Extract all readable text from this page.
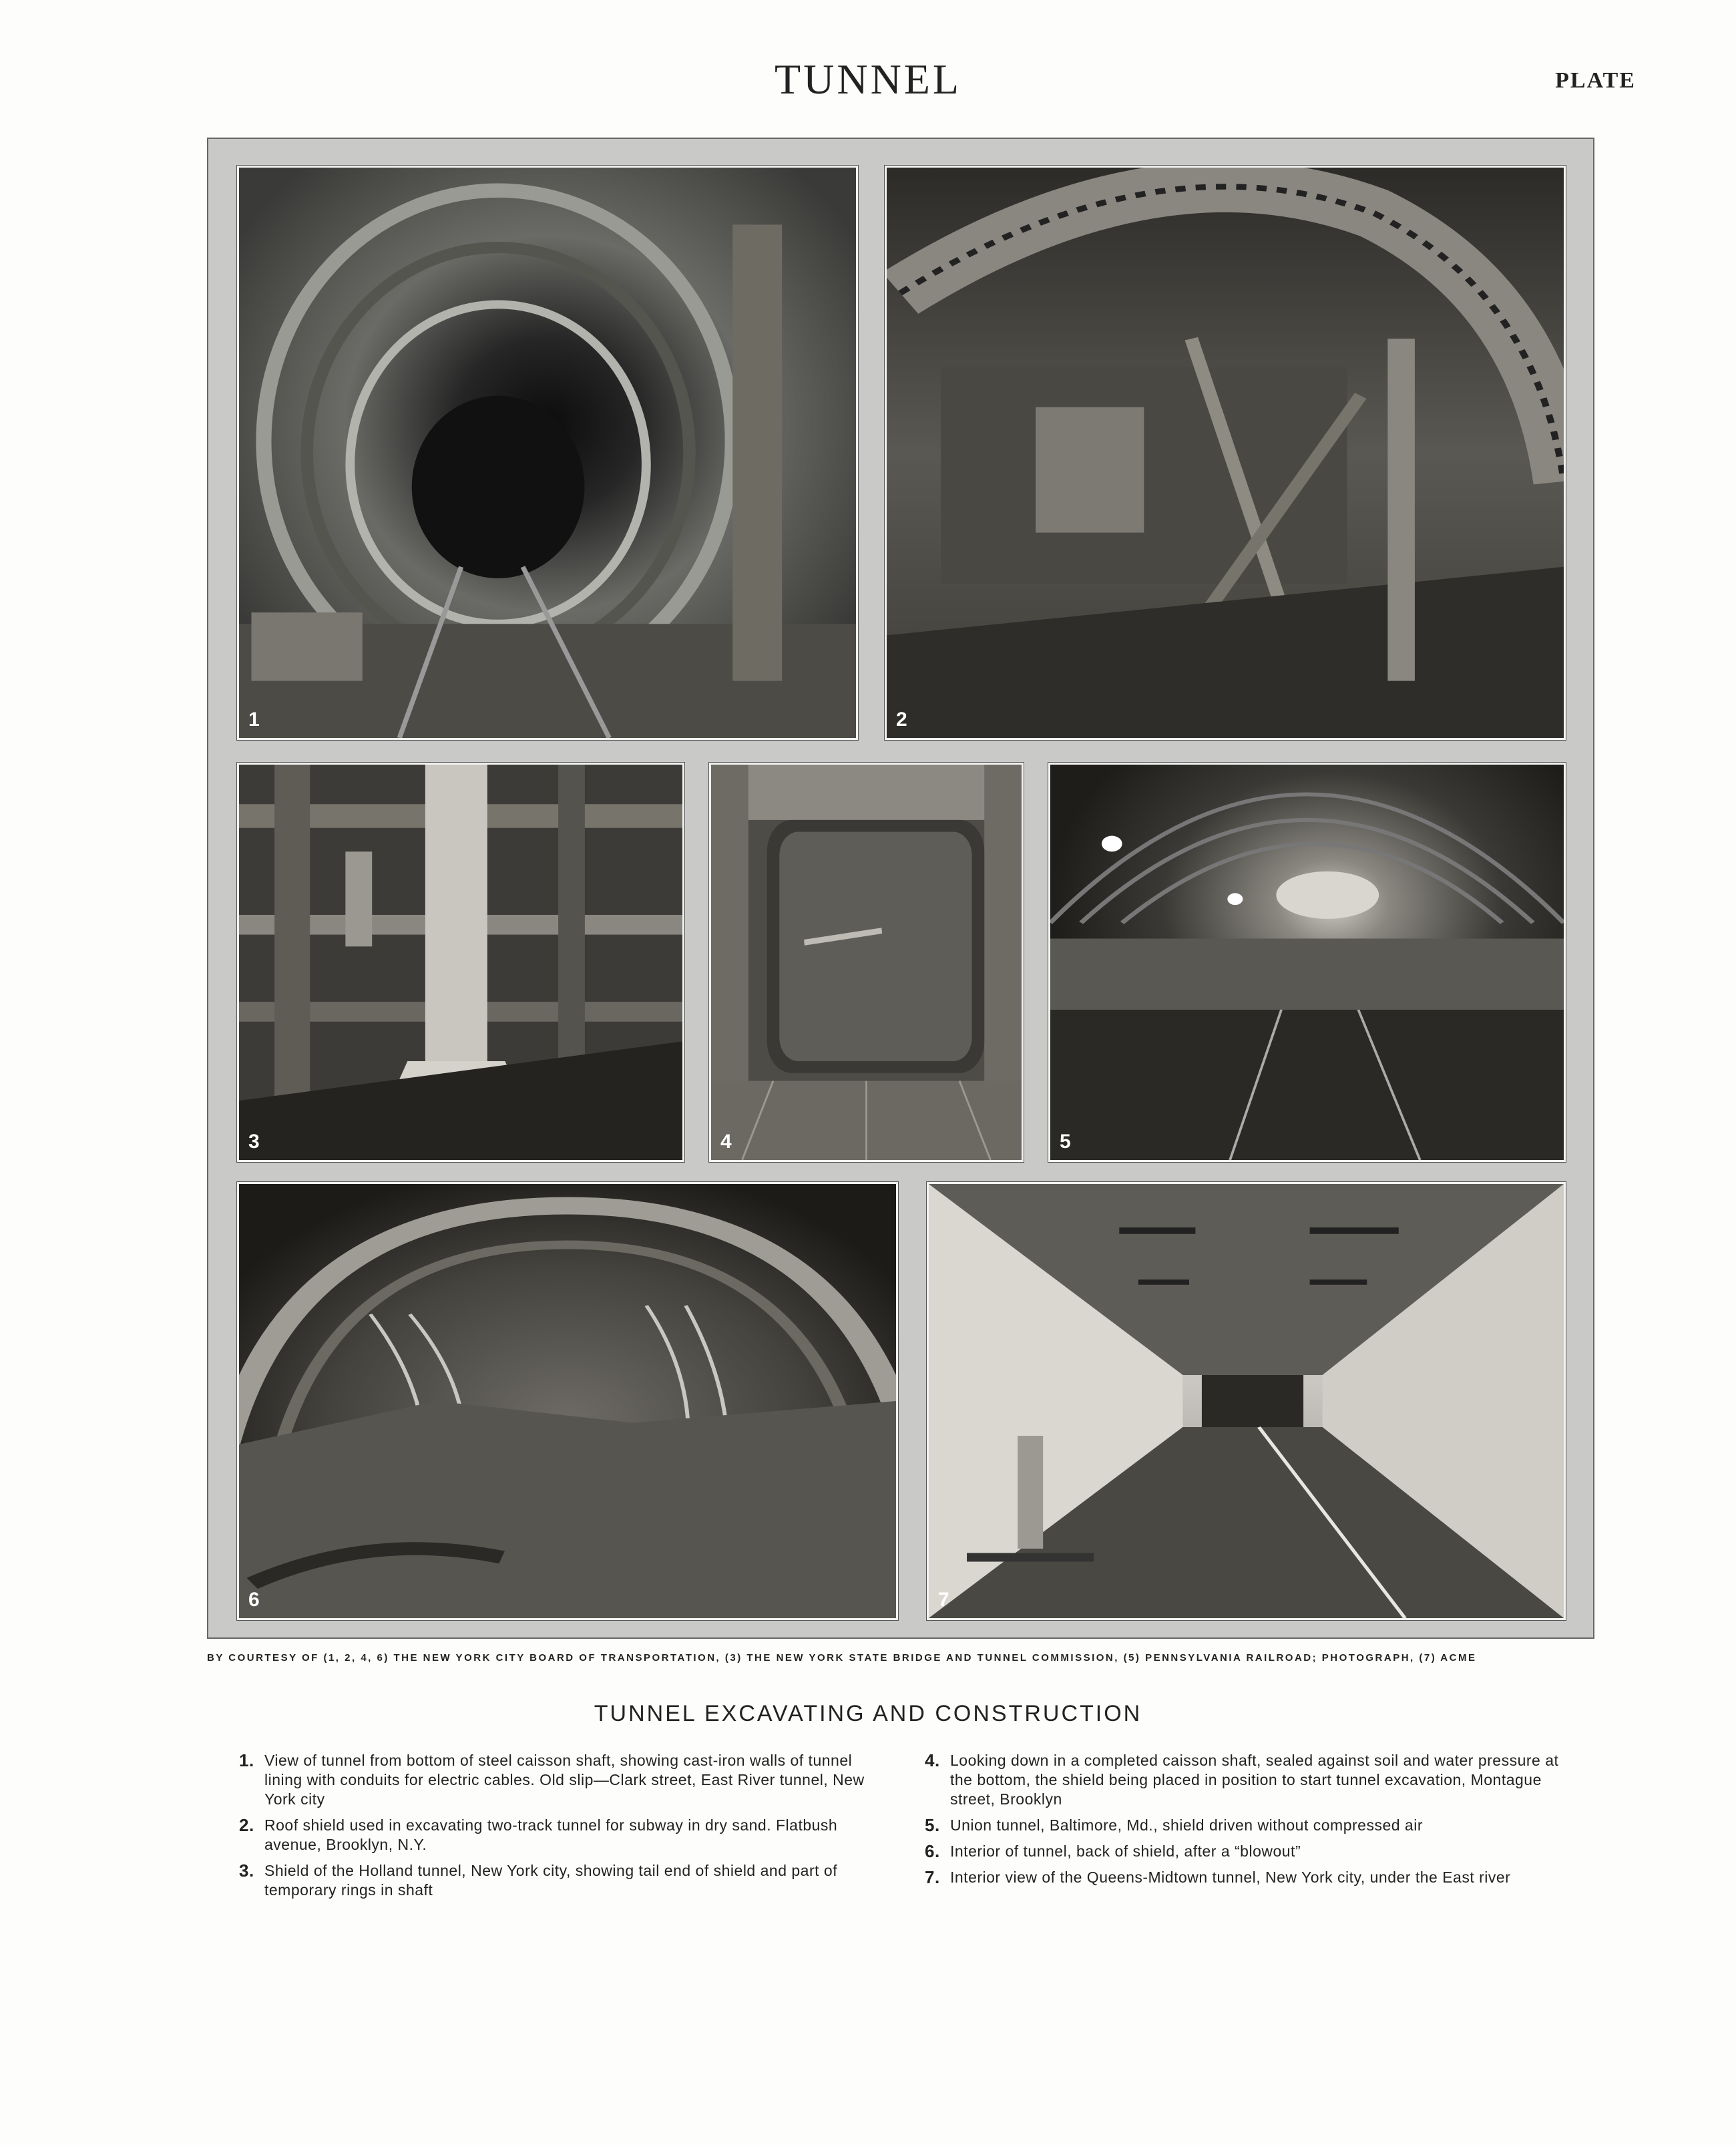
TUNNEL	PLATE
1	2
3	4	5
6	7
BY COURTESY OF (1, 2, 4, 6) THE NEW YORK CITY BOARD OF TRANSPORTATION, (3) THE NEW YORK STATE BRIDGE AND TUNNEL COMMISSION, (5) PENNSYLVANIA RAILROAD; PHOTOGRAPH, (7) ACME
TUNNEL EXCAVATING AND CONSTRUCTION
1. View of tunnel from bottom of steel caisson shaft, showing cast-iron walls of tunnel lining with conduits for electric cables. Old slip—Clark street, East River tunnel, New York city
2. Roof shield used in excavating two-track tunnel for subway in dry sand. Flatbush avenue, Brooklyn, N.Y.
3. Shield of the Holland tunnel, New York city, showing tail end of shield and part of temporary rings in shaft
4. Looking down in a completed caisson shaft, sealed against soil and water pressure at the bottom, the shield being placed in position to start tunnel excavation, Montague street, Brooklyn
5. Union tunnel, Baltimore, Md., shield driven without compressed air
6. Interior of tunnel, back of shield, after a “blowout”
7. Interior view of the Queens-Midtown tunnel, New York city, under the East river
